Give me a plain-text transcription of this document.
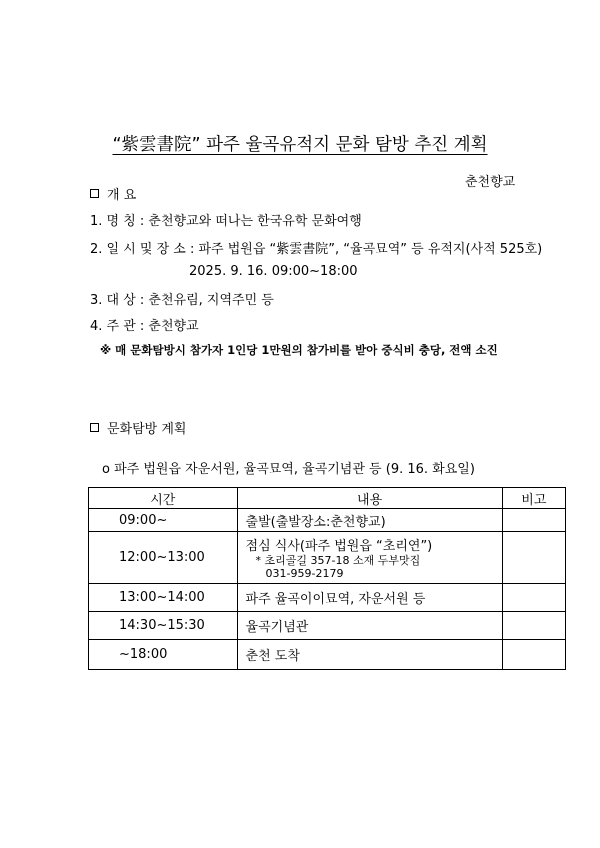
“紫雲書院” 파주 율곡유적지 문화 탐방 추진 계획
춘천향교
개 요
1. 명 칭 : 춘천향교와 떠나는 한국유학 문화여행
2. 일 시 및 장 소 : 파주 법원읍 “紫雲書院”, “율곡묘역” 등 유적지(사적 525호)
2025. 9. 16. 09:00~18:00
3. 대 상 : 춘천유림, 지역주민 등
4. 주 관 : 춘천향교
※ 매 문화탐방시 참가자 1인당 1만원의 참가비를 받아 중식비 충당, 전액 소진
문화탐방 계획
o 파주 법원읍 자운서원, 율곡묘역, 율곡기념관 등 (9. 16. 화요일)
시간	내용	비고
09:00~	출발(출발장소:춘천향교)	
12:00~13:00	점심 식사(파주 법원읍 “초리연”)
* 초리골길 357-18 소재 두부맛집
031-959-2179	

13:00~14:00	파주 율곡이이묘역, 자운서원 등	
14:30~15:30	율곡기념관	
~18:00	춘천 도착	
